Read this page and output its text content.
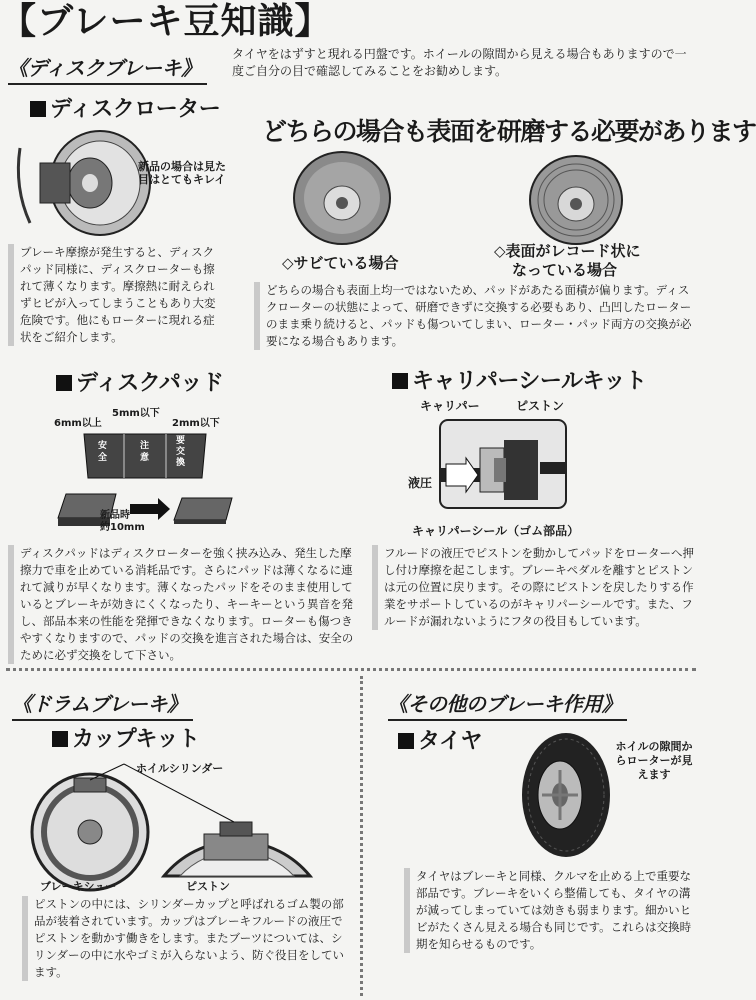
【ブレーキ豆知識】
《ディスクブレーキ》
タイヤをはずすと現れる円盤です。ホイールの隙間から見える場合もありますので一度ご自分の目で確認してみることをお勧めします。
ディスクローター
新品の場合は見た目はとてもキレイ
ブレーキ摩擦が発生すると、ディスクパッド同様に、ディスクローターも擦れて薄くなります。摩擦熱に耐えられずヒビが入ってしまうこともあり大変危険です。他にもローターに現れる症状をご紹介します。
どちらの場合も表面を研磨する必要があります
◇サビている場合
◇表面がレコード状に
なっている場合
どちらの場合も表面上均一ではないため、パッドがあたる面積が偏ります。ディスクローターの状態によって、研磨できずに交換する必要もあり、凸凹したローターのまま乗り続けると、パッドも傷ついてしまい、ローター・パッド両方の交換が必要になる場合もあります。
ディスクパッド
6mm以上
5mm以下
2mm以下
安全
注意
要交換
新品時
約10mm
ディスクパッドはディスクローターを強く挟み込み、発生した摩擦力で車を止めている消耗品です。さらにパッドは薄くなるに連れて減りが早くなります。薄くなったパッドをそのまま使用しているとブレーキが効きにくくなったり、キーキーという異音を発し、部品本来の性能を発揮できなくなります。ローターも傷つきやすくなりますので、パッドの交換を進言された場合は、安全のために必ず交換をして下さい。
キャリパーシールキット
キャリパー	ピストン
液圧
キャリパーシール（ゴム部品）
フルードの液圧でピストンを動かしてパッドをローターへ押し付け摩擦を起こします。ブレーキペダルを離すとピストンは元の位置に戻ります。その際にピストンを戻したりする作業をサポートしているのがキャリパーシールです。また、フルードが漏れないようにフタの役目もしています。
《ドラムブレーキ》
カップキット
ホイルシリンダー
ブレーキシュー	ピストン
ピストンの中には、シリンダーカップと呼ばれるゴム製の部品が装着されています。カップはブレーキフルードの液圧でピストンを動かす働きをします。またブーツについては、シリンダーの中に水やゴミが入らないよう、防ぐ役目をしています。
《その他のブレーキ作用》
タイヤ	ホイルの隙間からローターが見えます
タイヤはブレーキと同様、クルマを止める上で重要な部品です。ブレーキをいくら整備しても、タイヤの溝が減ってしまっていては効きも弱まります。細かいヒビがたくさん見える場合も同じです。これらは交換時期を知らせるものです。
